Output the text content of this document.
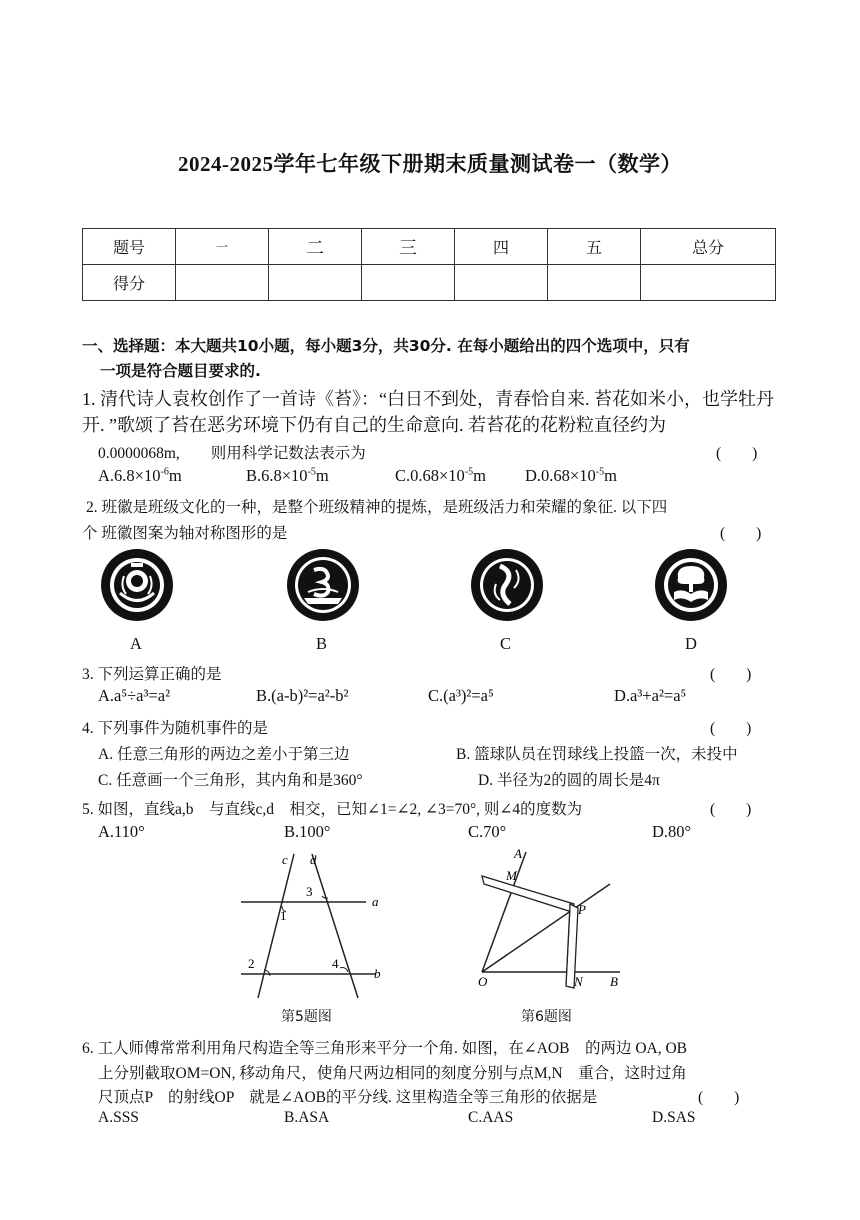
2024-2025学年七年级下册期末质量测试卷一（数学）
题号	一	二	三	四	五	总分
得分						
一、选择题：本大题共10小题，每小题3分，共30分. 在每小题给出的四个选项中，只有
一项是符合题目要求的.
1. 清代诗人袁枚创作了一首诗《苔》：“白日不到处，青春恰自来. 苔花如米小，也学牡丹
开. ”歌颂了苔在恶劣环境下仍有自己的生命意向. 若苔花的花粉粒直径约为
0.0000068m,　　则用科学记数法表示为	(　　)
$A.6.8\times 10^{-6}m$	$B.6.8\times 10^{-5}m$	$C.0.68\times 10^{-5}m$ $D.0.68\times 10^{-5}m$
2. 班徽是班级文化的一种，是整个班级精神的提炼，是班级活力和荣耀的象征. 以下四
个 班徽图案为轴对称图形的是	(　　)
A	B	C	D
3. 下列运算正确的是	(　　)
A.a⁵÷a³=a²	B.(a-b)²=a²-b²	C.(a³)²=a⁵	D.a³+a²=a⁵
4. 下列事件为随机事件的是	(　　)
A. 任意三角形的两边之差小于第三边	B. 篮球队员在罚球线上投篮一次，未投中
C. 任意画一个三角形，其内角和是360°	D. 半径为2的圆的周长是4π
5. 如图，直线a,b　与直线c,d　相交，已知∠1=∠2, ∠3=70°, 则∠4的度数为	(　　)
A.110°	B.100°	C.70°	D.80°
c d
a
b
1
2
3
4
第5题图
A
M
P
O	N B
第6题图
6. 工人师傅常常利用角尺构造全等三角形来平分一个角. 如图，在∠AOB　的两边 OA, OB
上分别截取OM=ON, 移动角尺，使角尺两边相同的刻度分别与点M,N　重合，这时过角
尺顶点P　的射线OP　就是∠AOB的平分线. 这里构造全等三角形的依据是	(　　)
A.SSS	B.ASA	C.AAS	D.SAS
